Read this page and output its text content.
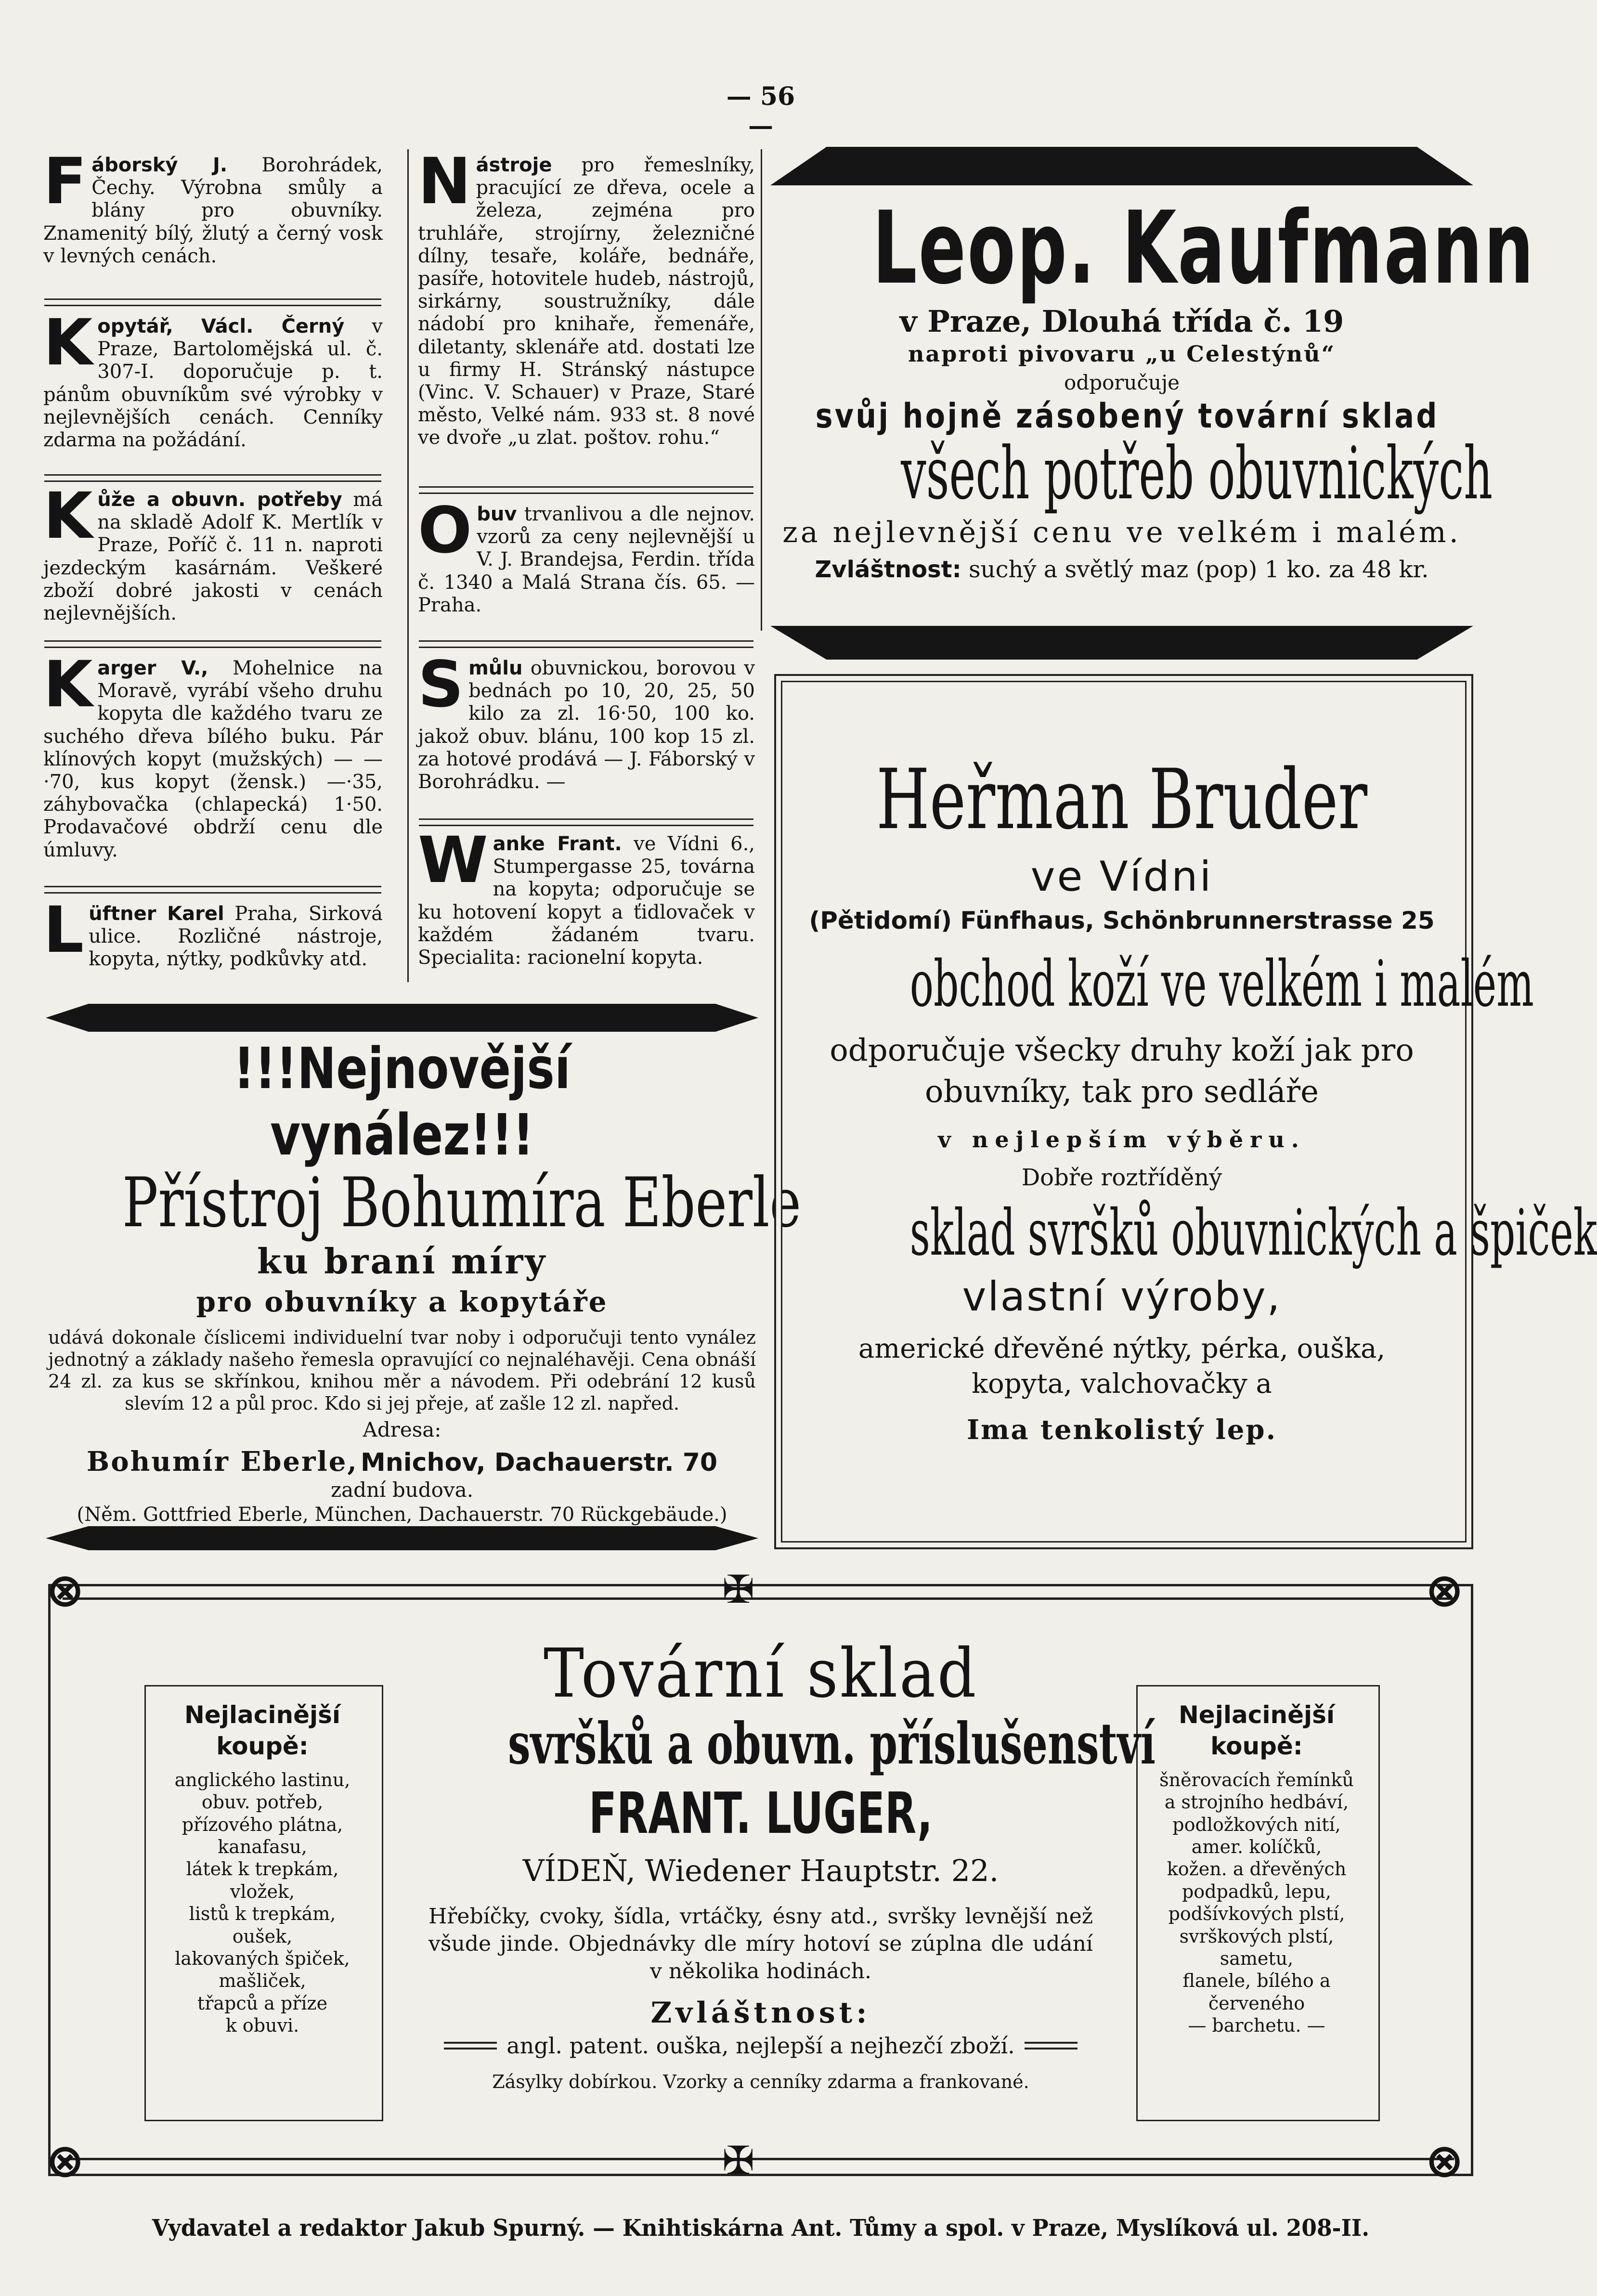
— 56 —

Fáborský J. Borohrádek, Čechy. Výrobna smůly a blány pro obuvníky. Znamenitý bílý, žlutý a černý vosk v levných cenách.

Kopytář, Václ. Černý v Praze, Bartolomějská ul. č. 307-I. doporučuje p. t. pánům obuvníkům své výrobky v nejlevnějších cenách. Cenníky zdarma na požádání.

Kůže a obuvn. potřeby má na skladě Adolf K. Mertlík v Praze, Poříč č. 11 n. naproti jezdeckým kasárnám. Veškeré zboží dobré jakosti v cenách nejlevnějších.

Karger V., Mohelnice na Moravě, vyrábí všeho druhu kopyta dle každého tvaru ze suchého dřeva bílého buku. Pár klínových kopyt (mužských) — —·70, kus kopyt (žensk.) —·35, záhybovačka (chlapecká) 1·50. Prodavačové obdrží cenu dle úmluvy.

Lüftner Karel Praha, Sirková ulice. Rozličné nástroje, kopyta, nýtky, podkůvky atd.

Nástroje pro řemeslníky, pracující ze dřeva, ocele a železa, zejména pro truhláře, strojírny, železničné dílny, tesaře, koláře, bednáře, pasíře, hotovitele hudeb, nástrojů, sirkárny, soustružníky, dále nádobí pro knihaře, řemenáře, diletanty, sklenáře atd. dostati lze u firmy H. Stránský nástupce (Vinc. V. Schauer) v Praze, Staré město, Velké nám. 933 st. 8 nové ve dvoře „u zlat. poštov. rohu.“

Obuv trvanlivou a dle nejnov. vzorů za ceny nejlevnější u V. J. Brandejsa, Ferdin. třída č. 1340 a Malá Strana čís. 65. — Praha.

Smůlu obuvnickou, borovou v bednách po 10, 20, 25, 50 kilo za zl. 16·50, 100 ko. jakož obuv. blánu, 100 kop 15 zl. za hotové prodává — J. Fáborský v Borohrádku. —

Wanke Frant. ve Vídni 6., Stumpergasse 25, továrna na kopyta; odporučuje se ku hotovení kopyt a ťidlovaček v každém žádaném tvaru. Specialita: racionelní kopyta.

!!!Nejnovější vynález!!!
Přístroj Bohumíra Eberle
ku braní míry
pro obuvníky a kopytáře
udává dokonale číslicemi individuelní tvar noby i odporučuji tento vynález jednotný a základy našeho řemesla opravující co nejnaléhavěji. Cena obnáší 24 zl. za kus se skřínkou, knihou měr a návodem. Při odebrání 12 kusů slevím 12 a půl proc. Kdo si jej přeje, ať zašle 12 zl. napřed.
Adresa:
Bohumír Eberle, Mnichov, Dachauerstr. 70
zadní budova.
(Něm. Gottfried Eberle, München, Dachauerstr. 70 Rückgebäude.)
Leop. Kaufmann
v Praze, Dlouhá třída č. 19
naproti pivovaru „u Celestýnů“
odporučuje
svůj hojně zásobený tovární sklad
všech potřeb obuvnických
za nejlevnější cenu ve velkém i malém.
Zvláštnost: suchý a světlý maz (pop) 1 ko. za 48 kr.
Heřman Bruder
ve Vídni
(Pětidomí) Fünfhaus, Schönbrunnerstrasse 25
obchod koží ve velkém i malém
odporučuje všecky druhy koží jak pro obuvníky, tak pro sedláře
v nejlepším výběru.
Dobře roztříděný
sklad svršků obuvnických a špiček
vlastní výroby,
americké dřevěné nýtky, pérka, ouška, kopyta, valchovačky a
Ima tenkolistý lep.
⊗	⊗
⊗	⊗
✠
✠
Nejlacinější koupě:
anglického lastinu,
obuv. potřeb,
přízového plátna,
kanafasu,
látek k trepkám,
vložek,
listů k trepkám,
oušek,
lakovaných špiček,
mašliček,
třapců a příze
k obuvi.
Nejlacinější koupě:
šněrovacích řemínků
a strojního hedbáví,
podložkových nití,
amer. kolíčků,
kožen. a dřevěných
podpadků, lepu,
podšívkových plstí,
svrškových plstí,
sametu,
flanele, bílého a červeného
— barchetu. —
Tovární sklad
svršků a obuvn. příslušenství
FRANT. LUGER,
VÍDEŇ, Wiedener Hauptstr. 22.
Hřebíčky, cvoky, šídla, vrtáčky, ésny atd., svršky levnější než všude jinde. Objednávky dle míry hotoví se zúplna dle udání v několika hodinách.
Zvláštnost:
angl. patent. ouška, nejlepší a nejhezčí zboží.
Zásylky dobírkou. Vzorky a cenníky zdarma a frankované.
Vydavatel a redaktor Jakub Spurný. — Knihtiskárna Ant. Tůmy a spol. v Praze, Myslíková ul. 208-II.
